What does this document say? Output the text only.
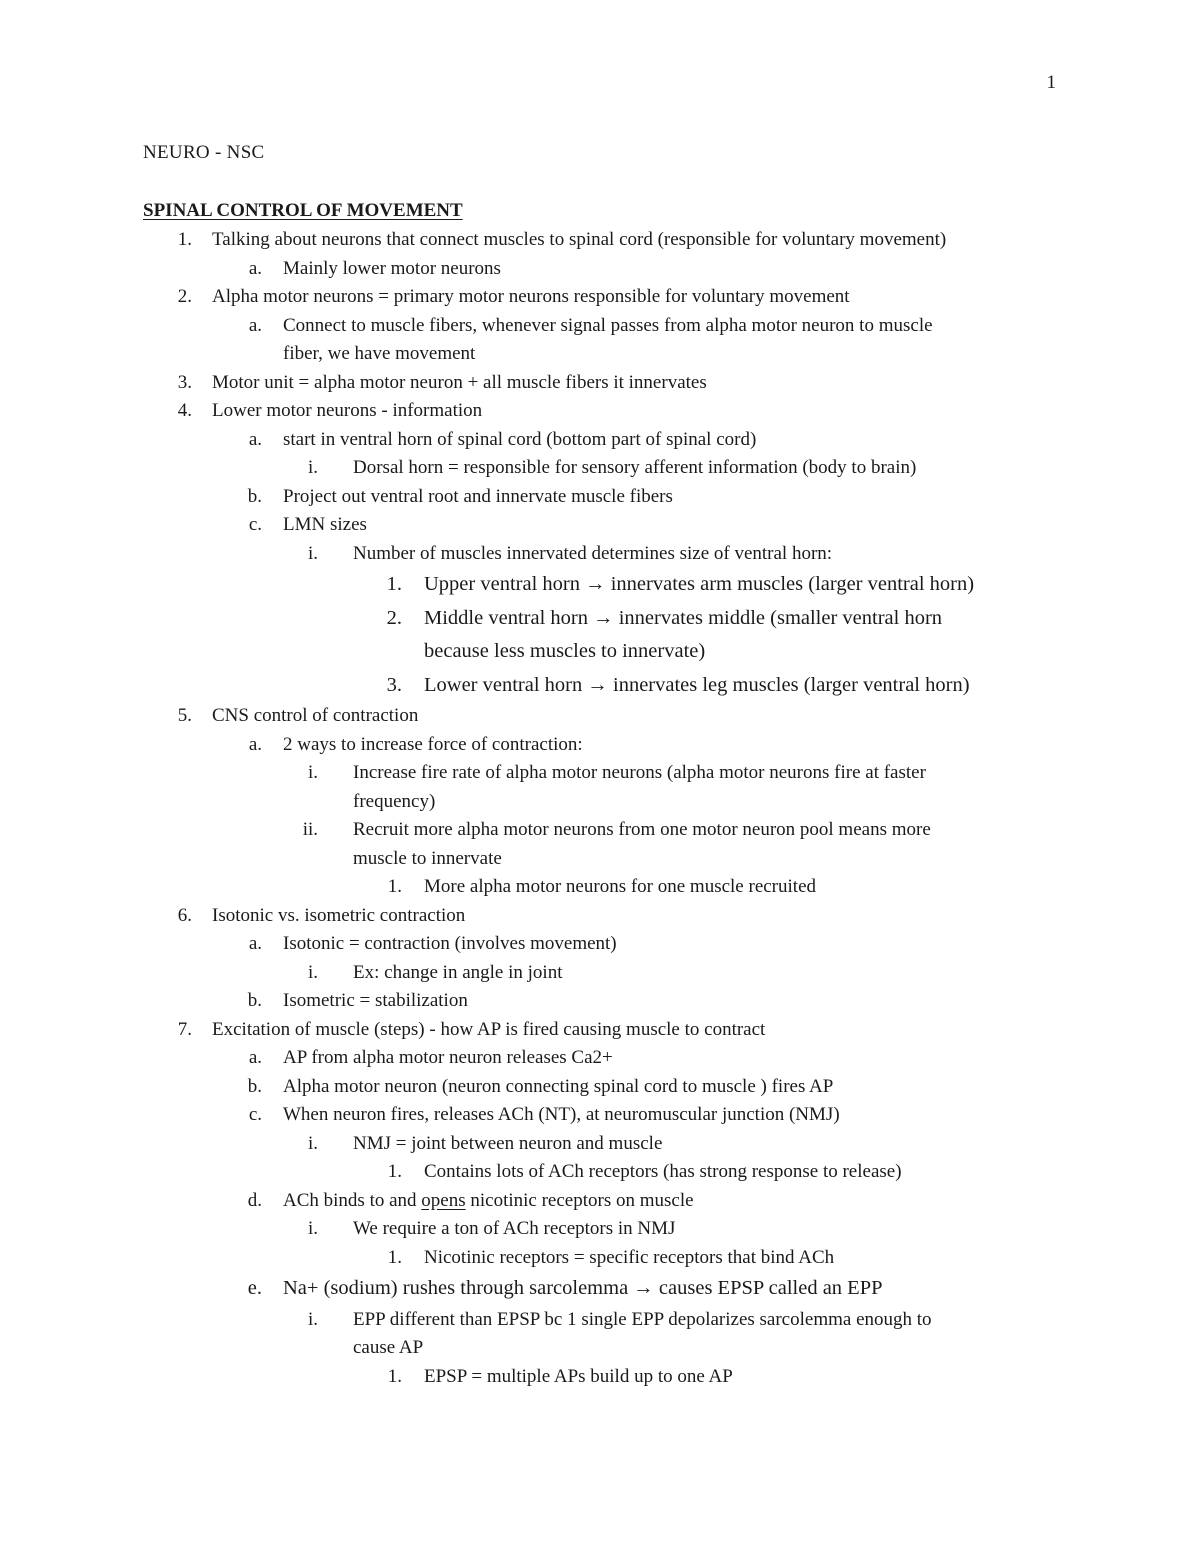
1
NEURO - NSC
SPINAL CONTROL OF MOVEMENT
1. Talking about neurons that connect muscles to spinal cord (responsible for voluntary movement)
a. Mainly lower motor neurons
2. Alpha motor neurons = primary motor neurons responsible for voluntary movement
a. Connect to muscle fibers, whenever signal passes from alpha motor neuron to muscle
fiber, we have movement
3. Motor unit = alpha motor neuron + all muscle fibers it innervates
4. Lower motor neurons - information
a. start in ventral horn of spinal cord (bottom part of spinal cord)
i. Dorsal horn = responsible for sensory afferent information (body to brain)
b. Project out ventral root and innervate muscle fibers
c. LMN sizes
i. Number of muscles innervated determines size of ventral horn:
1. Upper ventral horn → innervates arm muscles (larger ventral horn)
2. Middle ventral horn → innervates middle (smaller ventral horn
because less muscles to innervate)
3. Lower ventral horn → innervates leg muscles (larger ventral horn)
5. CNS control of contraction
a. 2 ways to increase force of contraction:
i. Increase fire rate of alpha motor neurons (alpha motor neurons fire at faster
frequency)
ii. Recruit more alpha motor neurons from one motor neuron pool means more
muscle to innervate
1. More alpha motor neurons for one muscle recruited
6. Isotonic vs. isometric contraction
a. Isotonic = contraction (involves movement)
i. Ex: change in angle in joint
b. Isometric = stabilization
7. Excitation of muscle (steps) - how AP is fired causing muscle to contract
a. AP from alpha motor neuron releases Ca2+
b. Alpha motor neuron (neuron connecting spinal cord to muscle ) fires AP
c. When neuron fires, releases ACh (NT), at neuromuscular junction (NMJ)
i. NMJ = joint between neuron and muscle
1. Contains lots of ACh receptors (has strong response to release)
d. ACh binds to and opens nicotinic receptors on muscle
i. We require a ton of ACh receptors in NMJ
1. Nicotinic receptors = specific receptors that bind ACh
e. Na+ (sodium) rushes through sarcolemma → causes EPSP called an EPP
i. EPP different than EPSP bc 1 single EPP depolarizes sarcolemma enough to
cause AP
1. EPSP = multiple APs build up to one AP
